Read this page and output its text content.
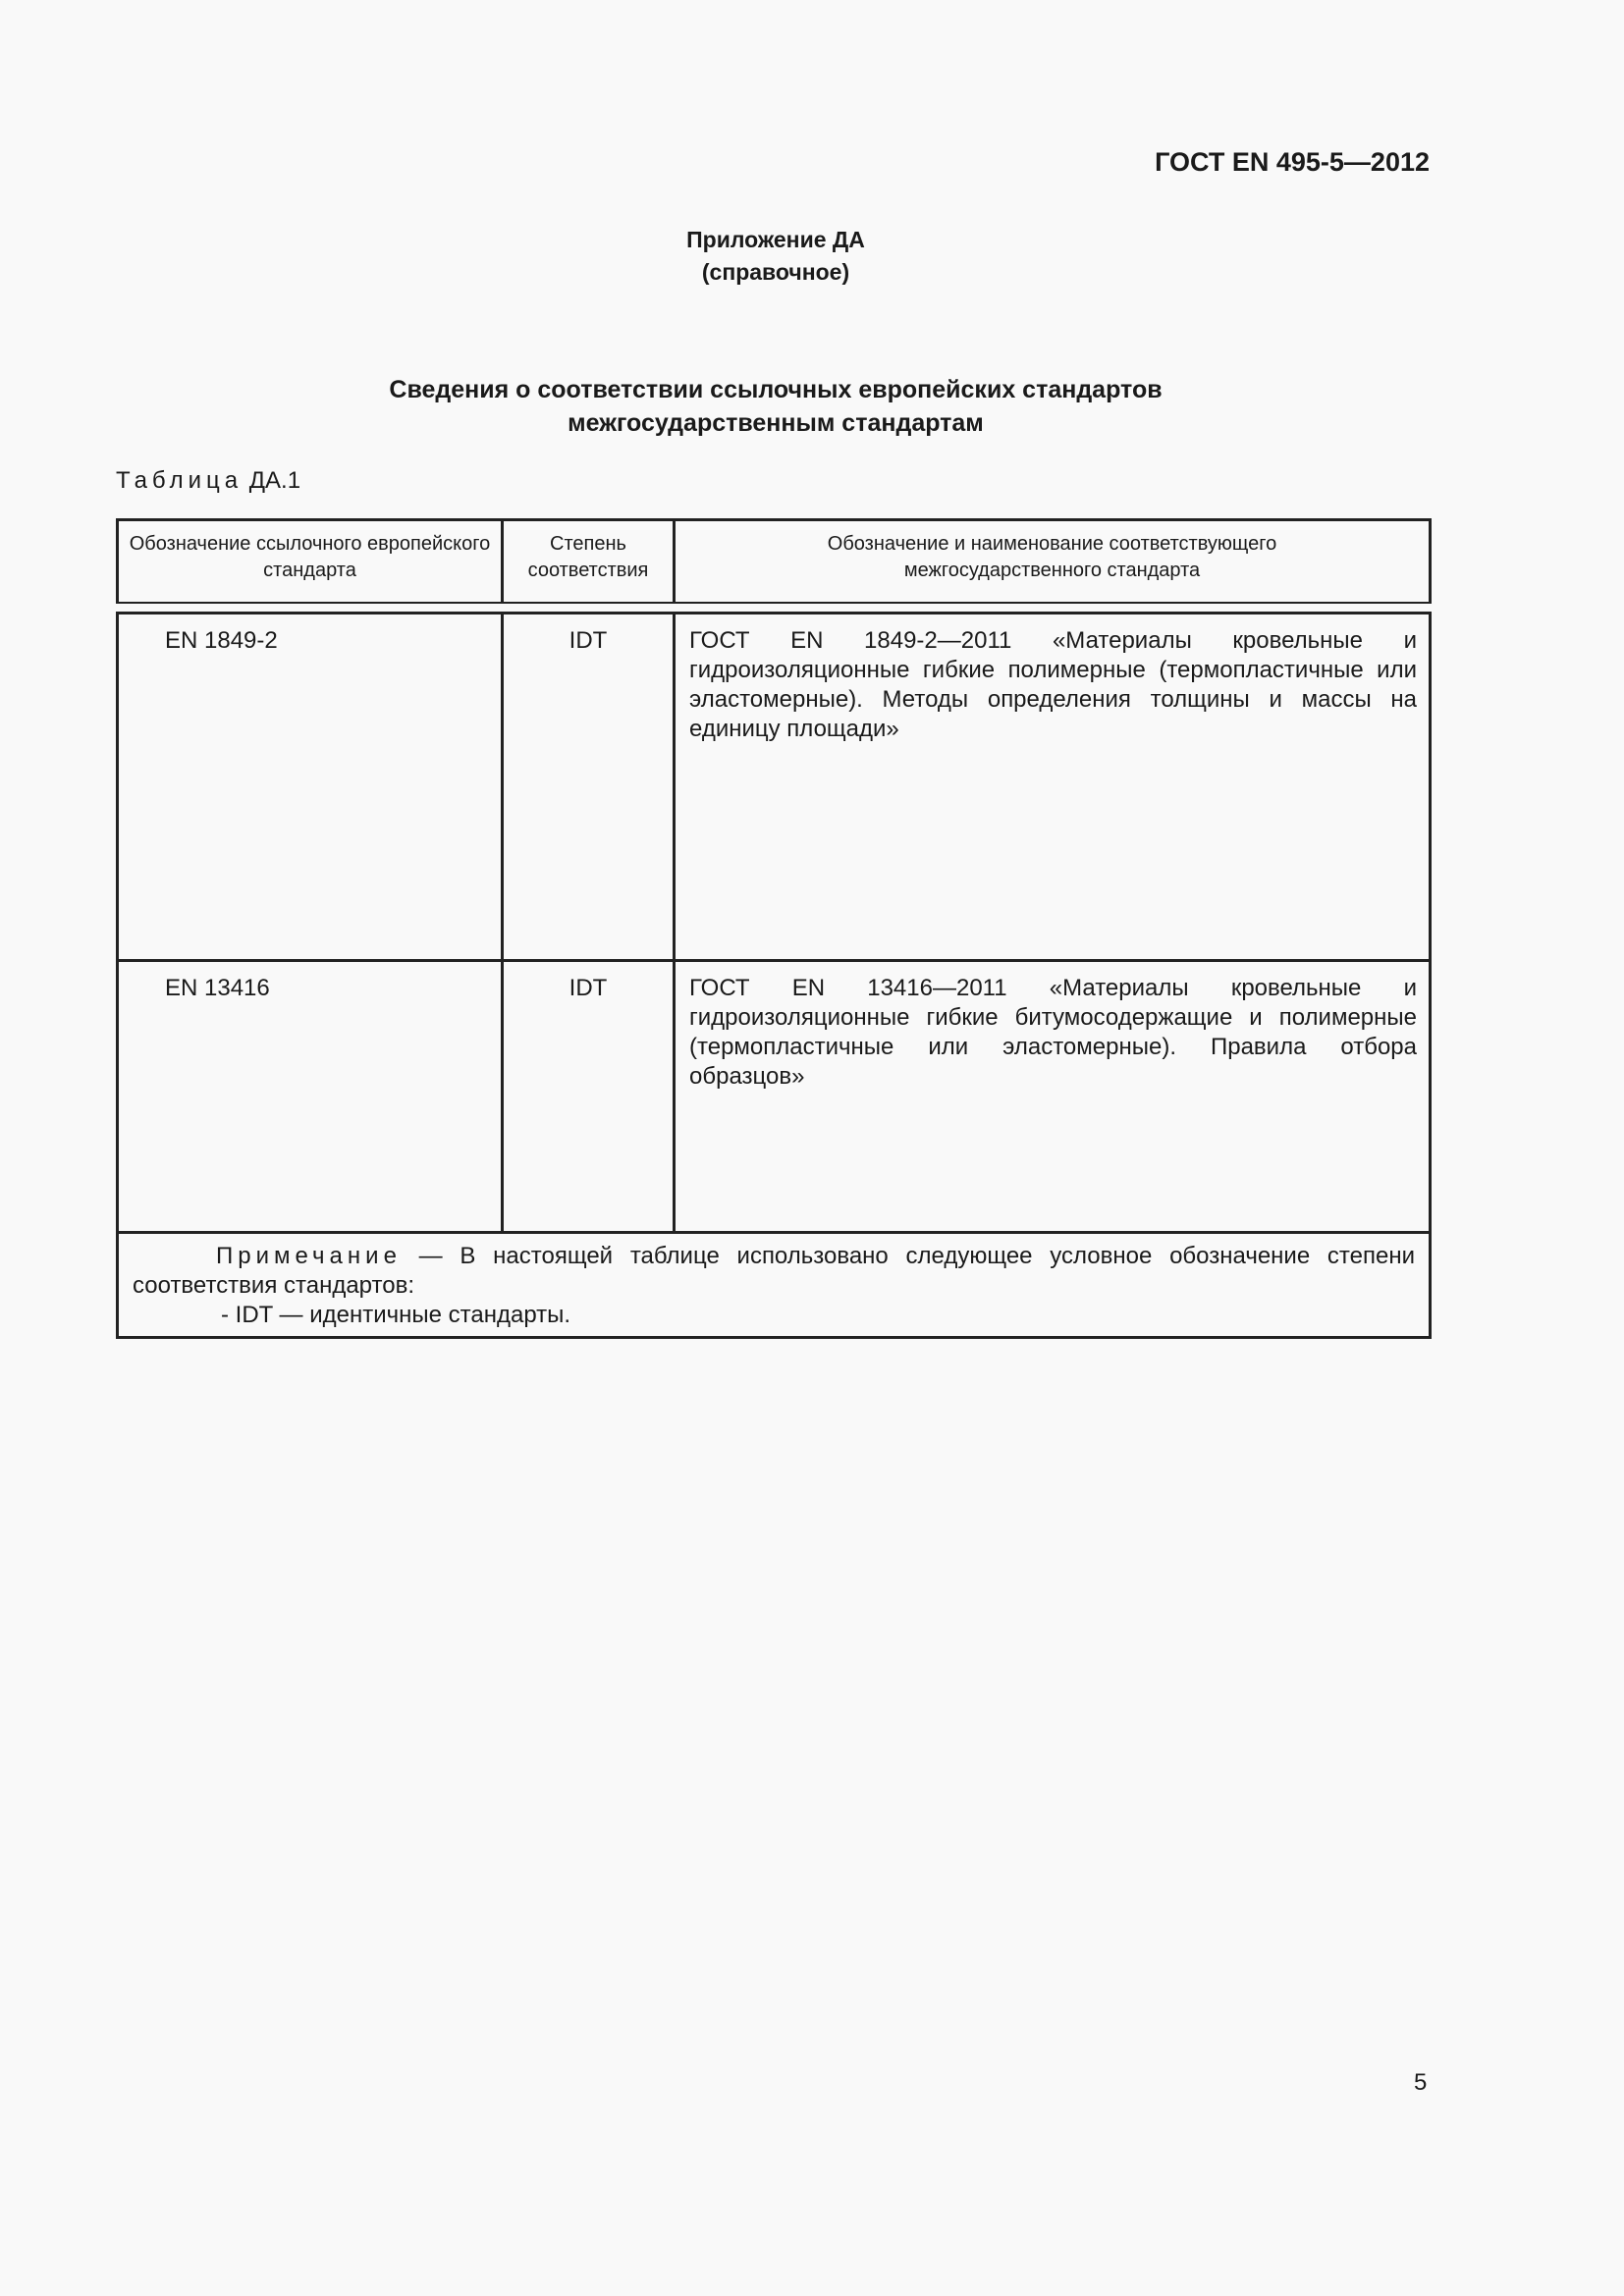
ГОСТ EN 495-5—2012
Приложение ДА
(справочное)
Сведения о соответствии ссылочных европейских стандартов
межгосударственным стандартам
Таблица ДА.1
Обозначение ссылочного европейского стандарта	Степень соответствия	Обозначение и наименование соответствующего межгосударственного стандарта

EN 1849-2	IDT	ГОСТ EN 1849-2—2011 «Материалы кровельные и гидроизоляционные гибкие полимерные (термопластичные или эластомерные). Методы определения толщины и массы на единицу площади»
EN 13416	IDT	ГОСТ EN 13416—2011 «Материалы кровельные и гидроизоляционные гибкие битумосодержащие и полимерные (термопластичные или эластомерные). Правила отбора образцов»

Примечание — В настоящей таблице использовано следующее условное обозначение степени соответствия стандартов:
- IDT — идентичные стандарты.		
5
